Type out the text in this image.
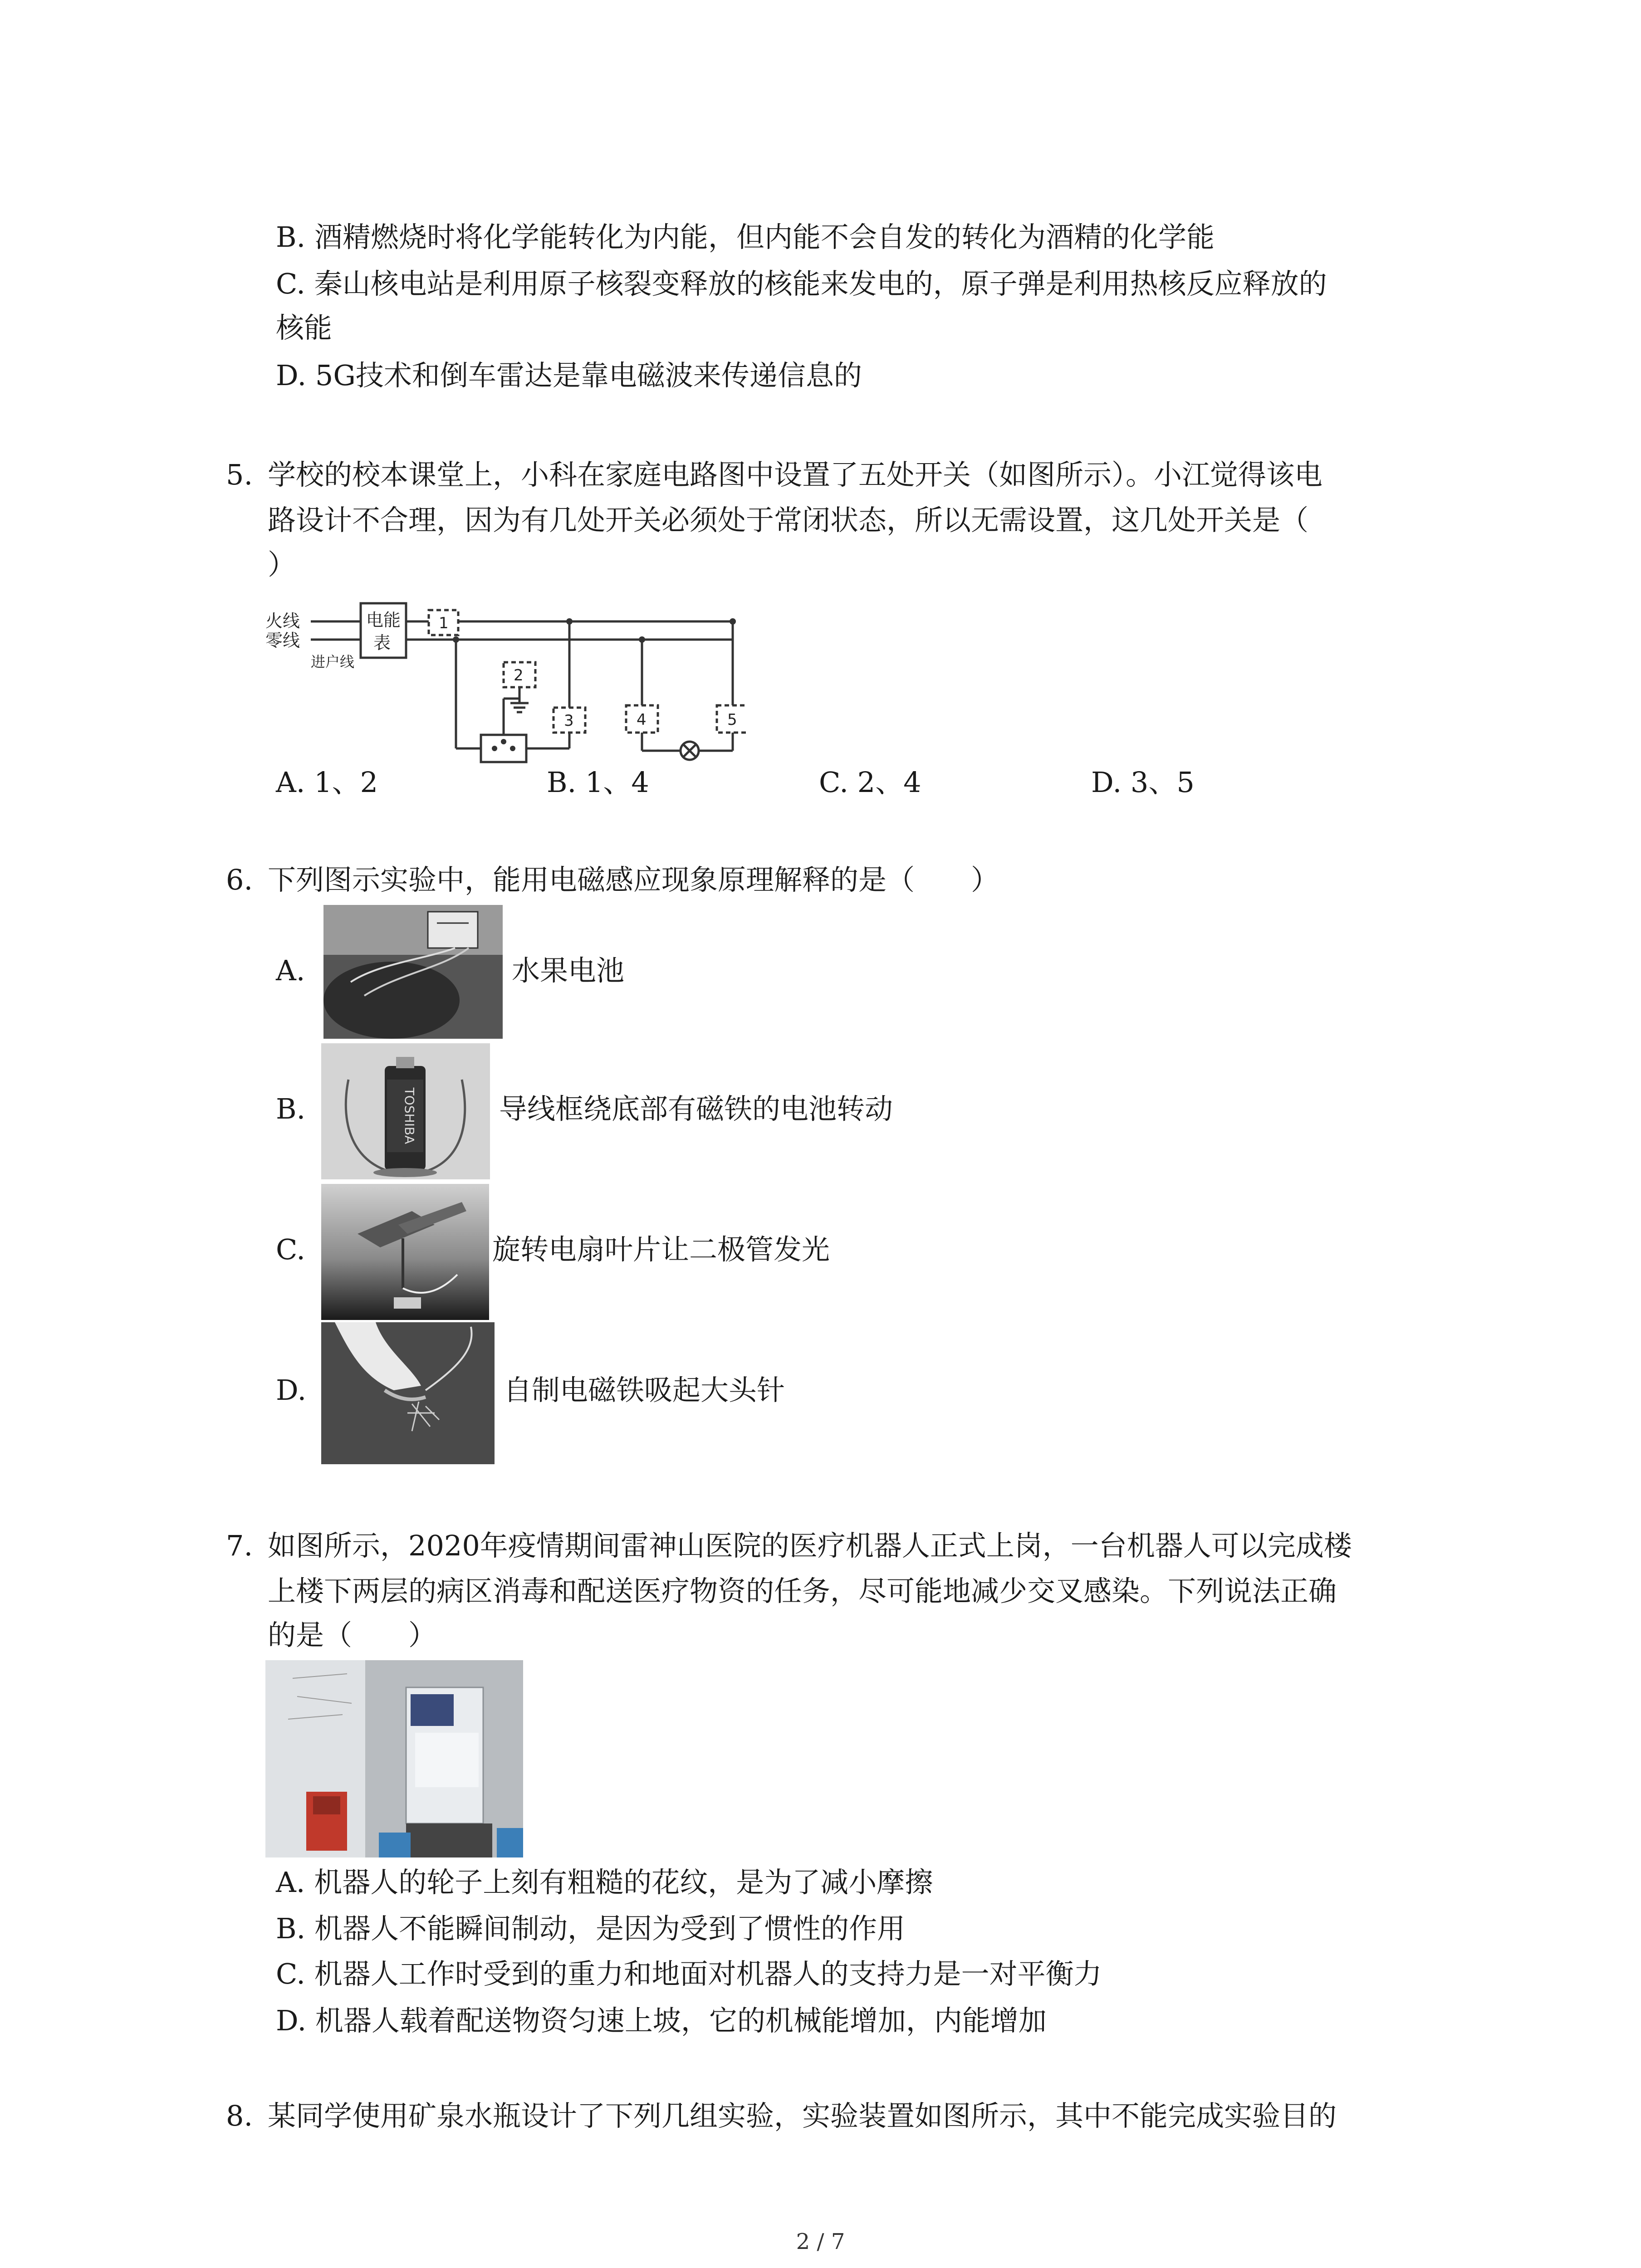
B. 酒精燃烧时将化学能转化为内能，但内能不会自发的转化为酒精的化学能
C. 秦山核电站是利用原子核裂变释放的核能来发电的，原子弹是利用热核反应释放的
核能
D. 5G技术和倒车雷达是靠电磁波来传递信息的
5. 学校的校本课堂上，小科在家庭电路图中设置了五处开关（如图所示）。小江觉得该电
路设计不合理，因为有几处开关必须处于常闭状态，所以无需设置，这几处开关是（
）
火线
零线
电能
表
进户线
1
2
3	4	5
A. 1、2	B. 1、4	C. 2、4	D. 3、5
6. 下列图示实验中，能用电磁感应现象原理解释的是（　　）
A.	水果电池
B.	TOSHIBA	导线框绕底部有磁铁的电池转动
C.	旋转电扇叶片让二极管发光
D.	自制电磁铁吸起大头针
7. 如图所示，2020年疫情期间雷神山医院的医疗机器人正式上岗，一台机器人可以完成楼
上楼下两层的病区消毒和配送医疗物资的任务，尽可能地减少交叉感染。下列说法正确
的是（　　）
A. 机器人的轮子上刻有粗糙的花纹，是为了减小摩擦
B. 机器人不能瞬间制动，是因为受到了惯性的作用
C. 机器人工作时受到的重力和地面对机器人的支持力是一对平衡力
D. 机器人载着配送物资匀速上坡，它的机械能增加，内能增加
8. 某同学使用矿泉水瓶设计了下列几组实验，实验装置如图所示，其中不能完成实验目的
2 / 7
